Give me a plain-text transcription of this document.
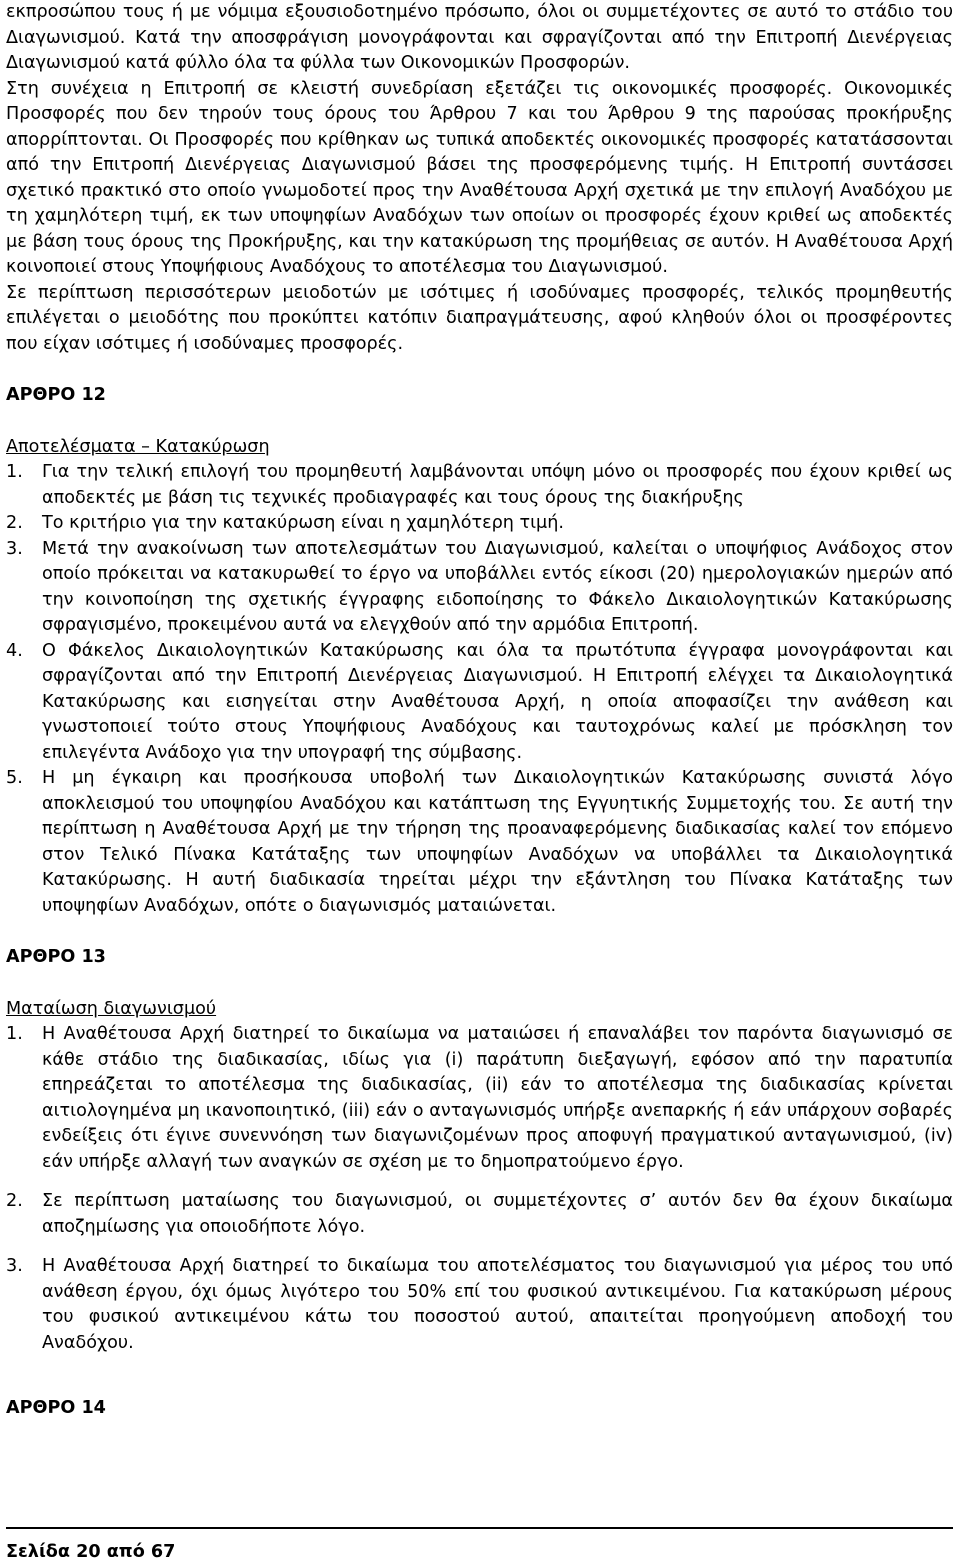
εκπροσώπου τους ή με νόμιμα εξουσιοδοτημένο πρόσωπο, όλοι οι συμμετέχοντες σε αυτό το στάδιο του Διαγωνισμού. Κατά την αποσφράγιση μονογράφονται και σφραγίζονται από την Επιτροπή Διενέργειας Διαγωνισμού κατά φύλλο όλα τα φύλλα των Οικονομικών Προσφορών.

Στη συνέχεια η Επιτροπή σε κλειστή συνεδρίαση εξετάζει τις οικονομικές προσφορές. Οικονομικές Προσφορές που δεν τηρούν τους όρους του Άρθρου 7 και του Άρθρου 9 της παρούσας προκήρυξης απορρίπτονται. Οι Προσφορές που κρίθηκαν ως τυπικά αποδεκτές οικονομικές προσφορές κατατάσσονται από την Επιτροπή Διενέργειας Διαγωνισμού βάσει της προσφερόμενης τιμής. Η Επιτροπή συντάσσει σχετικό πρακτικό στο οποίο γνωμοδοτεί προς την Αναθέτουσα Αρχή σχετικά με την επιλογή Αναδόχου με τη χαμηλότερη τιμή, εκ των υποψηφίων Αναδόχων των οποίων οι προσφορές έχουν κριθεί ως αποδεκτές με βάση τους όρους της Προκήρυξης, και την κατακύρωση της προμήθειας σε αυτόν. Η Αναθέτουσα Αρχή κοινοποιεί στους Υποψήφιους Αναδόχους το αποτέλεσμα του Διαγωνισμού.

Σε περίπτωση περισσότερων μειοδοτών με ισότιμες ή ισοδύναμες προσφορές, τελικός προμηθευτής επιλέγεται ο μειοδότης που προκύπτει κατόπιν διαπραγμάτευσης, αφού κληθούν όλοι οι προσφέροντες που είχαν ισότιμες ή ισοδύναμες προσφορές.

ΑΡΘΡΟ 12
Αποτελέσματα – Κατακύρωση
1. Για την τελική επιλογή του προμηθευτή λαμβάνονται υπόψη μόνο οι προσφορές που έχουν κριθεί ως αποδεκτές με βάση τις τεχνικές προδιαγραφές και τους όρους της διακήρυξης
2. Το κριτήριο για την κατακύρωση είναι η χαμηλότερη τιμή.
3. Μετά την ανακοίνωση των αποτελεσμάτων του Διαγωνισμού, καλείται ο υποψήφιος Ανάδοχος στον οποίο πρόκειται να κατακυρωθεί το έργο να υποβάλλει εντός είκοσι (20) ημερολογιακών ημερών από την κοινοποίηση της σχετικής έγγραφης ειδοποίησης το Φάκελο Δικαιολογητικών Κατακύρωσης σφραγισμένο, προκειμένου αυτά να ελεγχθούν από την αρμόδια Επιτροπή.
4. Ο Φάκελος Δικαιολογητικών Κατακύρωσης και όλα τα πρωτότυπα έγγραφα μονογράφονται και σφραγίζονται από την Επιτροπή Διενέργειας Διαγωνισμού. Η Επιτροπή ελέγχει τα Δικαιολογητικά Κατακύρωσης και εισηγείται στην Αναθέτουσα Αρχή, η οποία αποφασίζει την ανάθεση και γνωστοποιεί τούτο στους Υποψήφιους Αναδόχους και ταυτοχρόνως καλεί με πρόσκληση τον επιλεγέντα Ανάδοχο για την υπογραφή της σύμβασης.
5. Η μη έγκαιρη και προσήκουσα υποβολή των Δικαιολογητικών Κατακύρωσης συνιστά λόγο αποκλεισμού του υποψηφίου Αναδόχου και κατάπτωση της Εγγυητικής Συμμετοχής του. Σε αυτή την περίπτωση η Αναθέτουσα Αρχή με την τήρηση της προαναφερόμενης διαδικασίας καλεί τον επόμενο στον Τελικό Πίνακα Κατάταξης των υποψηφίων Αναδόχων να υποβάλλει τα Δικαιολογητικά Κατακύρωσης. Η αυτή διαδικασία τηρείται μέχρι την εξάντληση του Πίνακα Κατάταξης των υποψηφίων Αναδόχων, οπότε ο διαγωνισμός ματαιώνεται.
ΑΡΘΡΟ 13
Ματαίωση διαγωνισμού
1. Η Αναθέτουσα Αρχή διατηρεί το δικαίωμα να ματαιώσει ή επαναλάβει τον παρόντα διαγωνισμό σε κάθε στάδιο της διαδικασίας, ιδίως για (i) παράτυπη διεξαγωγή, εφόσον από την παρατυπία επηρεάζεται το αποτέλεσμα της διαδικασίας, (ii) εάν το αποτέλεσμα της διαδικασίας κρίνεται αιτιολογημένα μη ικανοποιητικό, (iii) εάν ο ανταγωνισμός υπήρξε ανεπαρκής ή εάν υπάρχουν σοβαρές ενδείξεις ότι έγινε συνεννόηση των διαγωνιζομένων προς αποφυγή πραγματικού ανταγωνισμού, (iv) εάν υπήρξε αλλαγή των αναγκών σε σχέση με το δημοπρατούμενο έργο.
2. Σε περίπτωση ματαίωσης του διαγωνισμού, οι συμμετέχοντες σ’ αυτόν δεν θα έχουν δικαίωμα αποζημίωσης για οποιοδήποτε λόγο.
3. Η Αναθέτουσα Αρχή διατηρεί το δικαίωμα του αποτελέσματος του διαγωνισμού για μέρος του υπό ανάθεση έργου, όχι όμως λιγότερο του 50% επί του φυσικού αντικειμένου. Για κατακύρωση μέρους του φυσικού αντικειμένου κάτω του ποσοστού αυτού, απαιτείται προηγούμενη αποδοχή του Αναδόχου.
ΑΡΘΡΟ 14
Σελίδα 20 από 67
